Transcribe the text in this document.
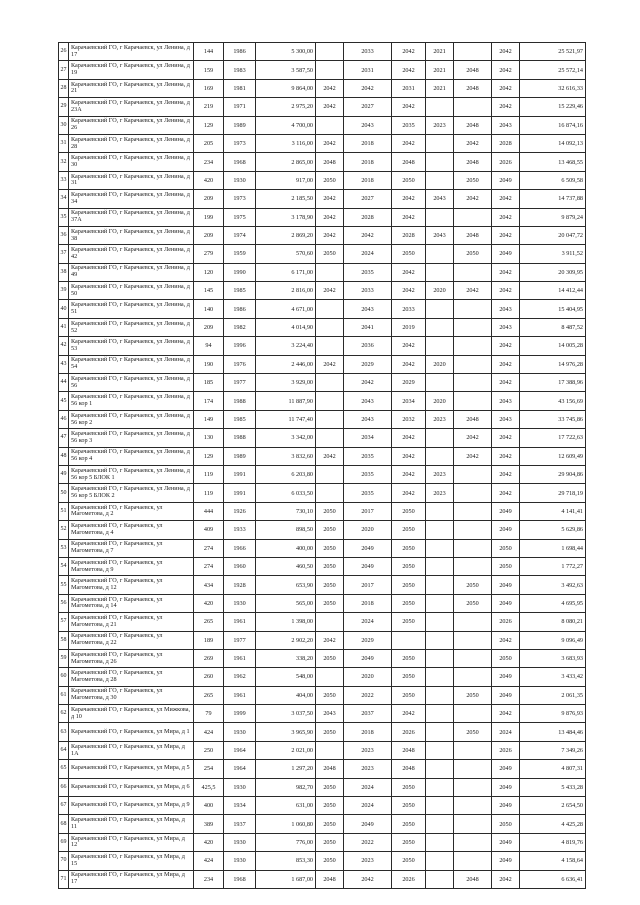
26	Карачаевский ГО, г Карачаевск, ул Ленина, д 17	144	1986	5 300,00		2033	2042	2021		2042	25 521,97
27	Карачаевский ГО, г Карачаевск, ул Ленина, д 19	159	1983	3 587,50		2031	2042	2021	2048	2042	25 572,14
28	Карачаевский ГО, г Карачаевск, ул Ленина, д 21	169	1981	9 864,00	2042	2042	2031	2021	2048	2042	32 616,33
29	Карачаевский ГО, г Карачаевск, ул Ленина, д 23А	219	1971	2 975,20	2042	2027	2042			2042	15 229,46
30	Карачаевский ГО, г Карачаевск, ул Ленина, д 26	129	1989	4 700,00		2043	2035	2023	2048	2043	16 874,16
31	Карачаевский ГО, г Карачаевск, ул Ленина, д 28	205	1973	3 116,00	2042	2018	2042		2042	2028	14 092,13
32	Карачаевский ГО, г Карачаевск, ул Ленина, д 30	234	1968	2 865,00	2048	2018	2048		2048	2026	13 468,55
33	Карачаевский ГО, г Карачаевск, ул Ленина, д 31	420	1930	917,00	2050	2018	2050		2050	2049	6 509,58
34	Карачаевский ГО, г Карачаевск, ул Ленина, д 34	209	1973	2 185,50	2042	2027	2042	2043	2042	2042	14 737,88
35	Карачаевский ГО, г Карачаевск, ул Ленина, д 37А	199	1975	3 178,90	2042	2028	2042			2042	9 879,24
36	Карачаевский ГО, г Карачаевск, ул Ленина, д 38	209	1974	2 869,20	2042	2042	2028	2043	2048	2042	20 047,72
37	Карачаевский ГО, г Карачаевск, ул Ленина, д 42	279	1959	570,60	2050	2024	2050		2050	2049	3 911,52
38	Карачаевский ГО, г Карачаевск, ул Ленина, д 49	120	1990	6 171,00		2035	2042			2042	20 309,95
39	Карачаевский ГО, г Карачаевск, ул Ленина, д 50	145	1985	2 816,00	2042	2033	2042	2020	2042	2042	14 412,44
40	Карачаевский ГО, г Карачаевск, ул Ленина, д 51	140	1986	4 671,00		2043	2033			2043	15 404,95
41	Карачаевский ГО, г Карачаевск, ул Ленина, д 52	209	1982	4 014,90		2041	2019			2043	8 487,52
42	Карачаевский ГО, г Карачаевск, ул Ленина, д 53	94	1996	3 224,40		2036	2042			2042	14 005,28
43	Карачаевский ГО, г Карачаевск, ул Ленина, д 54	190	1976	2 446,00	2042	2029	2042	2020		2042	14 976,28
44	Карачаевский ГО, г Карачаевск, ул Ленина, д 56	185	1977	3 929,00		2042	2029			2042	17 388,96
45	Карачаевский ГО, г Карачаевск, ул Ленина, д 56 кор 1	174	1988	11 887,90		2043	2034	2020		2043	43 156,69
46	Карачаевский ГО, г Карачаевск, ул Ленина, д 56 кор 2	149	1985	11 747,40		2043	2032	2023	2048	2043	33 745,86
47	Карачаевский ГО, г Карачаевск, ул Ленина, д 56 кор 3	130	1988	3 342,00		2034	2042		2042	2042	17 722,63
48	Карачаевский ГО, г Карачаевск, ул Ленина, д 56 кор 4	129	1989	3 832,60	2042	2035	2042		2042	2042	12 609,49
49	Карачаевский ГО, г Карачаевск, ул Ленина, д 56 кор 5 БЛОК 1	119	1991	6 203,80		2035	2042	2023		2042	29 904,86
50	Карачаевский ГО, г Карачаевск, ул Ленина, д 56 кор 5 БЛОК 2	119	1991	6 033,50		2035	2042	2023		2042	29 718,19
51	Карачаевский ГО, г Карачаевск, ул Магометова, д 2	444	1926	730,10	2050	2017	2050			2049	4 141,41
52	Карачаевский ГО, г Карачаевск, ул Магометова, д 4	409	1933	898,50	2050	2020	2050			2049	5 629,86
53	Карачаевский ГО, г Карачаевск, ул Магометова, д 7	274	1966	400,00	2050	2049	2050			2050	1 698,44
54	Карачаевский ГО, г Карачаевск, ул Магометова, д 9	274	1960	460,50	2050	2049	2050			2050	1 772,27
55	Карачаевский ГО, г Карачаевск, ул Магометова, д 12	434	1928	653,90	2050	2017	2050		2050	2049	3 492,63
56	Карачаевский ГО, г Карачаевск, ул Магометова, д 14	420	1930	565,00	2050	2018	2050		2050	2049	4 695,95
57	Карачаевский ГО, г Карачаевск, ул Магометова, д 21	265	1961	1 398,00		2024	2050			2026	8 080,21
58	Карачаевский ГО, г Карачаевск, ул Магометова, д 22	189	1977	2 902,20	2042	2029				2042	9 096,49
59	Карачаевский ГО, г Карачаевск, ул Магометова, д 26	269	1961	338,20	2050	2049	2050			2050	3 683,93
60	Карачаевский ГО, г Карачаевск, ул Магометова, д 28	260	1962	548,00		2020	2050			2049	3 433,42
61	Карачаевский ГО, г Карачаевск, ул Магометова, д 30	265	1961	404,00	2050	2022	2050		2050	2049	2 061,35
62	Карачаевский ГО, г Карачаевск, ул Мижкова, д 10	79	1999	3 037,50	2043	2037	2042			2042	9 876,93
63	Карачаевский ГО, г Карачаевск, ул Мира, д 1	424	1930	3 965,90	2050	2018	2026		2050	2024	13 484,46
64	Карачаевский ГО, г Карачаевск, ул Мира, д 1А	250	1964	2 021,00		2023	2048			2026	7 349,26
65	Карачаевский ГО, г Карачаевск, ул Мира, д 5	254	1964	1 297,20	2048	2023	2048			2049	4 807,31
66	Карачаевский ГО, г Карачаевск, ул Мира, д 6	425,5	1930	982,70	2050	2024	2050			2049	5 433,28
67	Карачаевский ГО, г Карачаевск, ул Мира, д 9	400	1934	631,00	2050	2024	2050			2049	2 654,50
68	Карачаевский ГО, г Карачаевск, ул Мира, д 11	389	1937	1 060,80	2050	2049	2050			2050	4 425,28
69	Карачаевский ГО, г Карачаевск, ул Мира, д 12	420	1930	776,00	2050	2022	2050			2049	4 819,76
70	Карачаевский ГО, г Карачаевск, ул Мира, д 15	424	1930	853,30	2050	2023	2050			2049	4 158,64
71	Карачаевский ГО, г Карачаевск, ул Мира, д 17	234	1968	1 687,00	2048	2042	2026		2048	2042	6 636,41
